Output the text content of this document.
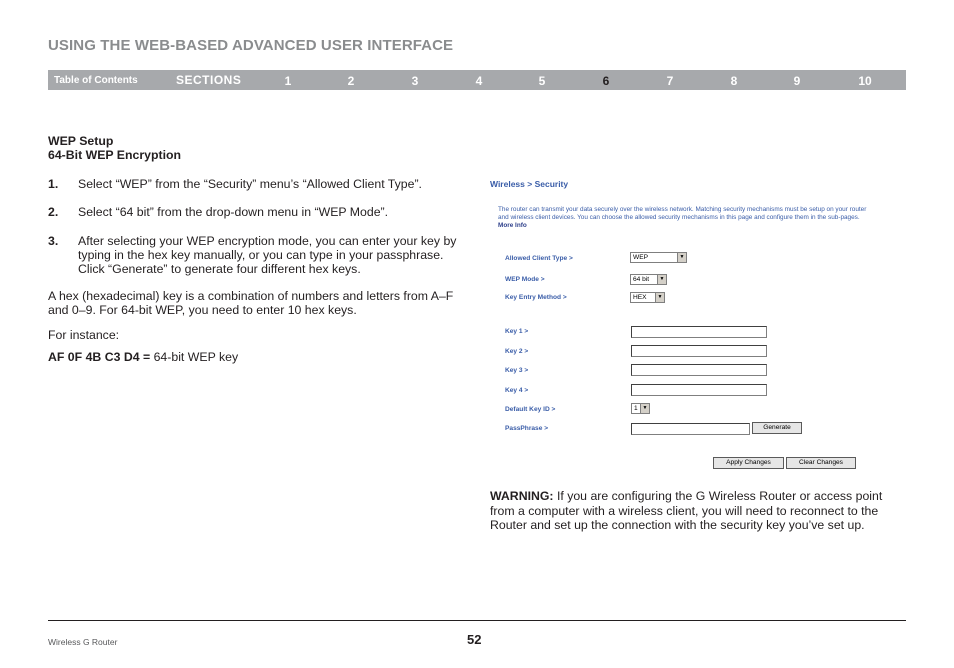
USING THE WEB-BASED ADVANCED USER INTERFACE
Table of Contents	SECTIONS	1	2	3	4	5	6	7	8	9	10
WEP Setup
64-Bit WEP Encryption
1.	Select “WEP” from the “Security” menu’s “Allowed Client Type”.
2.	Select “64 bit” from the drop-down menu in “WEP Mode”.
3.	After selecting your WEP encryption mode, you can enter your key by typing in the hex key manually, or you can type in your passphrase. Click “Generate” to generate four different hex keys.

A hex (hexadecimal) key is a combination of numbers and letters from A–F and 0–9. For 64-bit WEP, you need to enter 10 hex keys.

For instance:

AF 0F 4B C3 D4 = 64-bit WEP key

Wireless > Security
The router can transmit your data securely over the wireless network. Matching security mechanisms must be setup on your router and wireless client devices. You can choose the allowed security mechanisms in this page and configure them in the sub-pages. More Info
Allowed Client Type >	WEP	▼
WEP Mode >	64 bit	▼
Key Entry Method >	HEX	▼
Key 1 >
Key 2 >
Key 3 >
Key 4 >
Default Key ID >	1 ▼
PassPhrase >	Generate
Apply Changes	Clear Changes
WARNING: If you are configuring the G Wireless Router or access point from a computer with a wireless client, you will need to reconnect to the Router and set up the connection with the security key you’ve set up.
Wireless G Router	52
